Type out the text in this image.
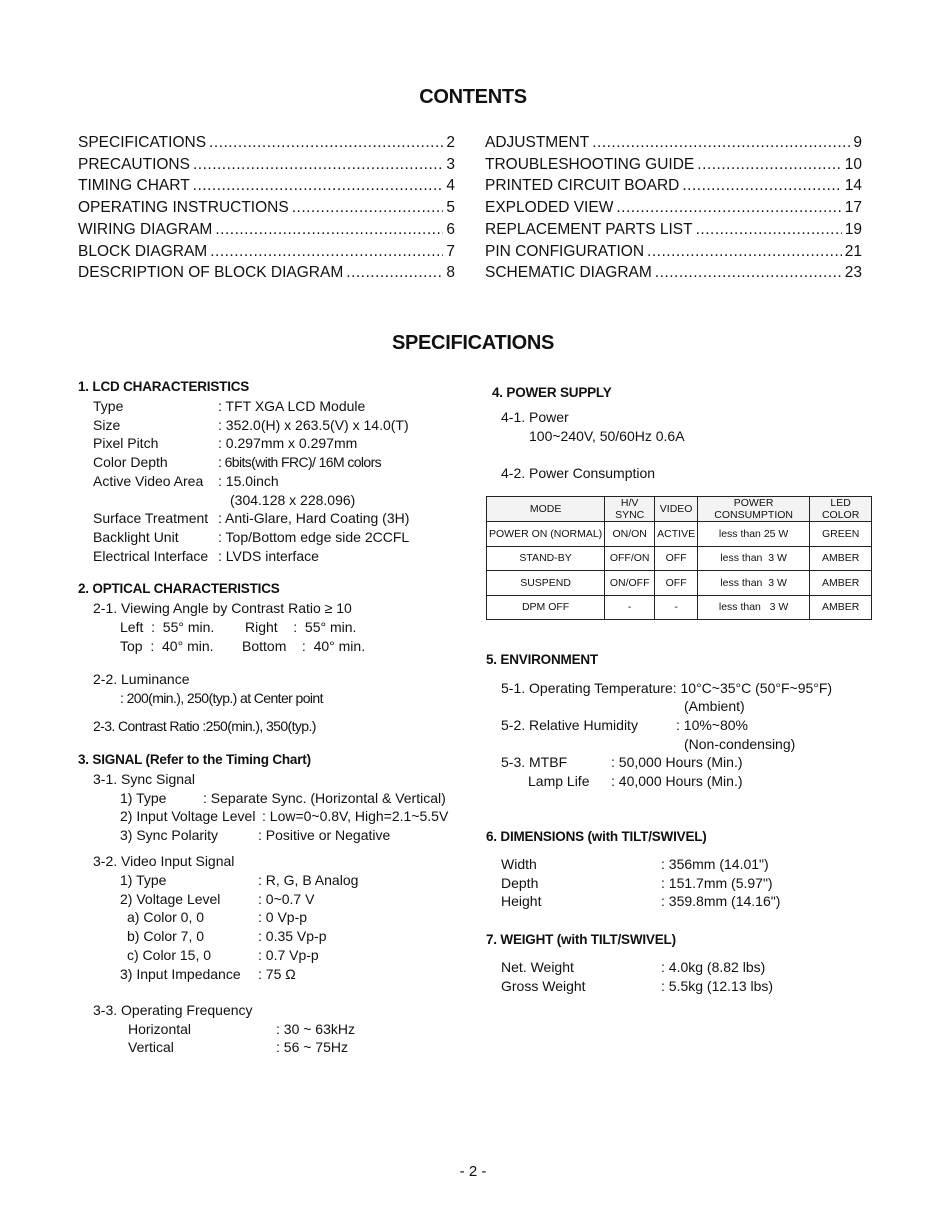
CONTENTS
SPECIFICATIONS .....	2
PRECAUTIONS .....	3
TIMING CHART .....	4
OPERATING INSTRUCTIONS .....	5
WIRING DIAGRAM .....	6
BLOCK DIAGRAM .....	7
DESCRIPTION OF BLOCK DIAGRAM .....	8
ADJUSTMENT .....	9
TROUBLESHOOTING GUIDE .....	10
PRINTED CIRCUIT BOARD .....	14
EXPLODED VIEW .....	17
REPLACEMENT PARTS LIST .....	19
PIN CONFIGURATION .....	21
SCHEMATIC DIAGRAM .....	23
SPECIFICATIONS
1. LCD CHARACTERISTICS
Type	: TFT XGA LCD Module
Size	: 352.0(H) x 263.5(V) x 14.0(T)
Pixel Pitch	: 0.297mm x 0.297mm
Color Depth	: 6bits(with FRC)/ 16M colors
Active Video Area : 15.0inch
(304.128 x 228.096)
Surface Treatment : Anti-Glare, Hard Coating (3H)
Backlight Unit	: Top/Bottom edge side 2CCFL
Electrical Interface : LVDS interface
2. OPTICAL CHARACTERISTICS
2-1. Viewing Angle by Contrast Ratio ≥ 10
Left  :  55° min. Right    :  55° min.
Top  :  40° min. Bottom    :  40° min.
2-2. Luminance
: 200(min.), 250(typ.) at Center point
2-3. Contrast Ratio :250(min.), 350(typ.)
3. SIGNAL (Refer to the Timing Chart)
3-1. Sync Signal
1) Type	: Separate Sync. (Horizontal & Vertical)
2) Input Voltage Level : Low=0~0.8V, High=2.1~5.5V
3) Sync Polarity	: Positive or Negative
3-2. Video Input Signal
1) Type	: R, G, B Analog
2) Voltage Level	: 0~0.7 V
a) Color 0, 0	: 0 Vp-p
b) Color 7, 0	: 0.35 Vp-p
c) Color 15, 0	: 0.7 Vp-p
3) Input Impedance : 75 Ω
3-3. Operating Frequency
Horizontal	: 30 ~ 63kHz
Vertical	: 56 ~ 75Hz
4. POWER SUPPLY
4-1. Power
100~240V, 50/60Hz 0.6A
4-2. Power Consumption
MODE	H/V SYNC	VIDEO	POWER CONSUMPTION	LED COLOR
POWER ON (NORMAL)	ON/ON	ACTIVE	less than 25 W	GREEN
STAND-BY	OFF/ON	OFF	less than  3 W	AMBER
SUSPEND	ON/OFF	OFF	less than  3 W	AMBER
DPM OFF	-	-	less than   3 W	AMBER
5. ENVIRONMENT
5-1. Operating Temperature: 10°C~35°C (50°F~95°F)
(Ambient)
5-2. Relative Humidity	: 10%~80%
(Non-condensing)
5-3. MTBF	: 50,000 Hours (Min.)
Lamp Life : 40,000 Hours (Min.)
6. DIMENSIONS (with TILT/SWIVEL)
Width	: 356mm (14.01")
Depth	: 151.7mm (5.97")
Height	: 359.8mm (14.16")
7. WEIGHT (with TILT/SWIVEL)
Net. Weight	: 4.0kg (8.82 lbs)
Gross Weight	: 5.5kg (12.13 lbs)
- 2 -
